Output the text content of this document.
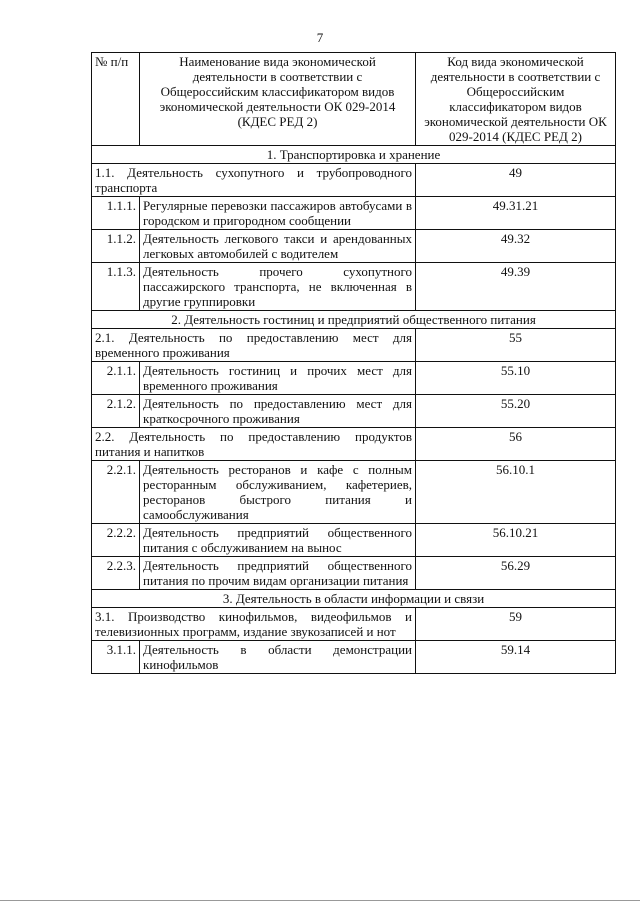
7
№ п/п	Наименование вида экономической деятельности в соответствии с Общероссийским классификатором видов экономической деятельности ОК 029-2014 (КДЕС РЕД 2)	Код вида экономической деятельности в соответствии с Общероссийским классификатором видов экономической деятельности ОК 029-2014 (КДЕС РЕД 2)
1. Транспортировка и хранение		
1.1. Деятельность сухопутного и трубопроводного транспорта		49
1.1.1.	Регулярные перевозки пассажиров автобусами в городском и пригородном сообщении	49.31.21
1.1.2.	Деятельность легкового такси и арендованных легковых автомобилей с водителем	49.32
1.1.3.	Деятельность прочего сухопутного пассажирского транспорта, не включенная в другие группировки	49.39
2. Деятельность гостиниц и предприятий общественного питания		
2.1. Деятельность по предоставлению мест для временного проживания		55
2.1.1.	Деятельность гостиниц и прочих мест для временного проживания	55.10
2.1.2.	Деятельность по предоставлению мест для краткосрочного проживания	55.20
2.2. Деятельность по предоставлению продуктов питания и напитков		56
2.2.1.	Деятельность ресторанов и кафе с полным ресторанным обслуживанием, кафетериев, ресторанов быстрого питания и самообслуживания	56.10.1
2.2.2.	Деятельность предприятий общественного питания с обслуживанием на вынос	56.10.21
2.2.3.	Деятельность предприятий общественного питания по прочим видам организации питания	56.29
3. Деятельность в области информации и связи		
3.1. Производство кинофильмов, видеофильмов и телевизионных программ, издание звукозаписей и нот		59
3.1.1.	Деятельность в области демонстрации кинофильмов	59.14
